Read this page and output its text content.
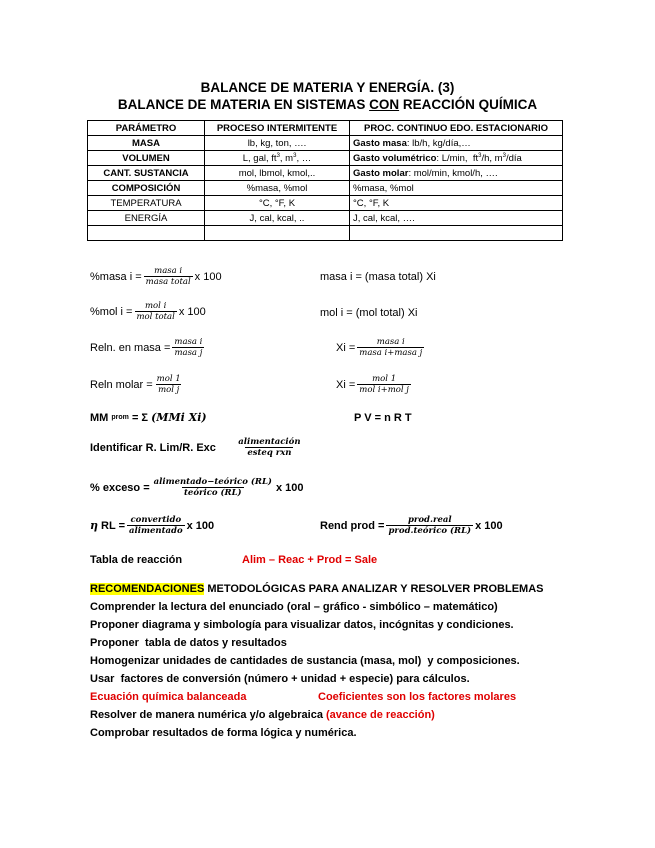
BALANCE DE MATERIA Y ENERGÍA. (3)
BALANCE DE MATERIA EN SISTEMAS CON REACCIÓN QUÍMICA
PARÁMETRO	PROCESO INTERMITENTE	PROC. CONTINUO EDO. ESTACIONARIO
MASA	lb, kg, ton, ….	Gasto masa: lb/h, kg/día,…
VOLUMEN	L, gal, $ft^3$, $m^3$, …	Gasto volumétrico: L/min,  $ft^3/h$, $m^3$/día
CANT. SUSTANCIA	mol, lbmol, kmol,..	Gasto molar: mol/min, kmol/h, ….
COMPOSICIÓN	%masa, %mol	%masa, %mol
TEMPERATURA	°C, °F, K	°C, °F, K
ENERGÍA	J, cal, kcal, ..	J, cal, kcal, ….

%masa $i = \frac{\text{masa i}}{\text{masa total}}$ x 100	masa i = (masa total) Xi
%mol $i = \frac{\text{mol i}}{\text{mol total}}$ x 100	mol i = (mol total) Xi
Reln. en masa = $\frac{\text{masa i}}{\text{masa j}}$	$Xi = \frac{\text{masa i}}{\text{masa i+masa j}}$
Reln molar = $\frac{\text{mol 1}}{\text{mol j}}$	$Xi = \frac{\text{mol 1}}{\text{mol i+mol j}}$
MM
prom = Σ (MMi Xi)	P V = n R T
Identificar R. Lim/R. Exc
$\frac{\text{alimentación}}{\text{esteq rxn}}$
% exceso = $\frac{\text{alimentado−teórico (RL)}}{\text{teórico (RL)}}$ x 100
η RL = $\frac{\text{convertido}}{\text{alimentado}}$ x 100	Rend prod = $\frac{\text{prod.real}}{\text{prod.teórico (RL)}}$ x 100
Tabla de reacción	Alim – Reac + Prod = Sale
RECOMENDACIONES METODOLÓGICAS PARA ANALIZAR Y RESOLVER PROBLEMAS
Comprender la lectura del enunciado (oral – gráfico - simbólico – matemático)
Proponer diagrama y simbología para visualizar datos, incógnitas y condiciones.
Proponer  tabla de datos y resultados
Homogenizar unidades de cantidades de sustancia (masa, mol)  y composiciones.
Usar  factores de conversión (número + unidad + especie) para cálculos.
Ecuación química balanceada	Coeficientes son los factores molares
Resolver de manera numérica y/o algebraica (avance de reacción)
Comprobar resultados de forma lógica y numérica.
